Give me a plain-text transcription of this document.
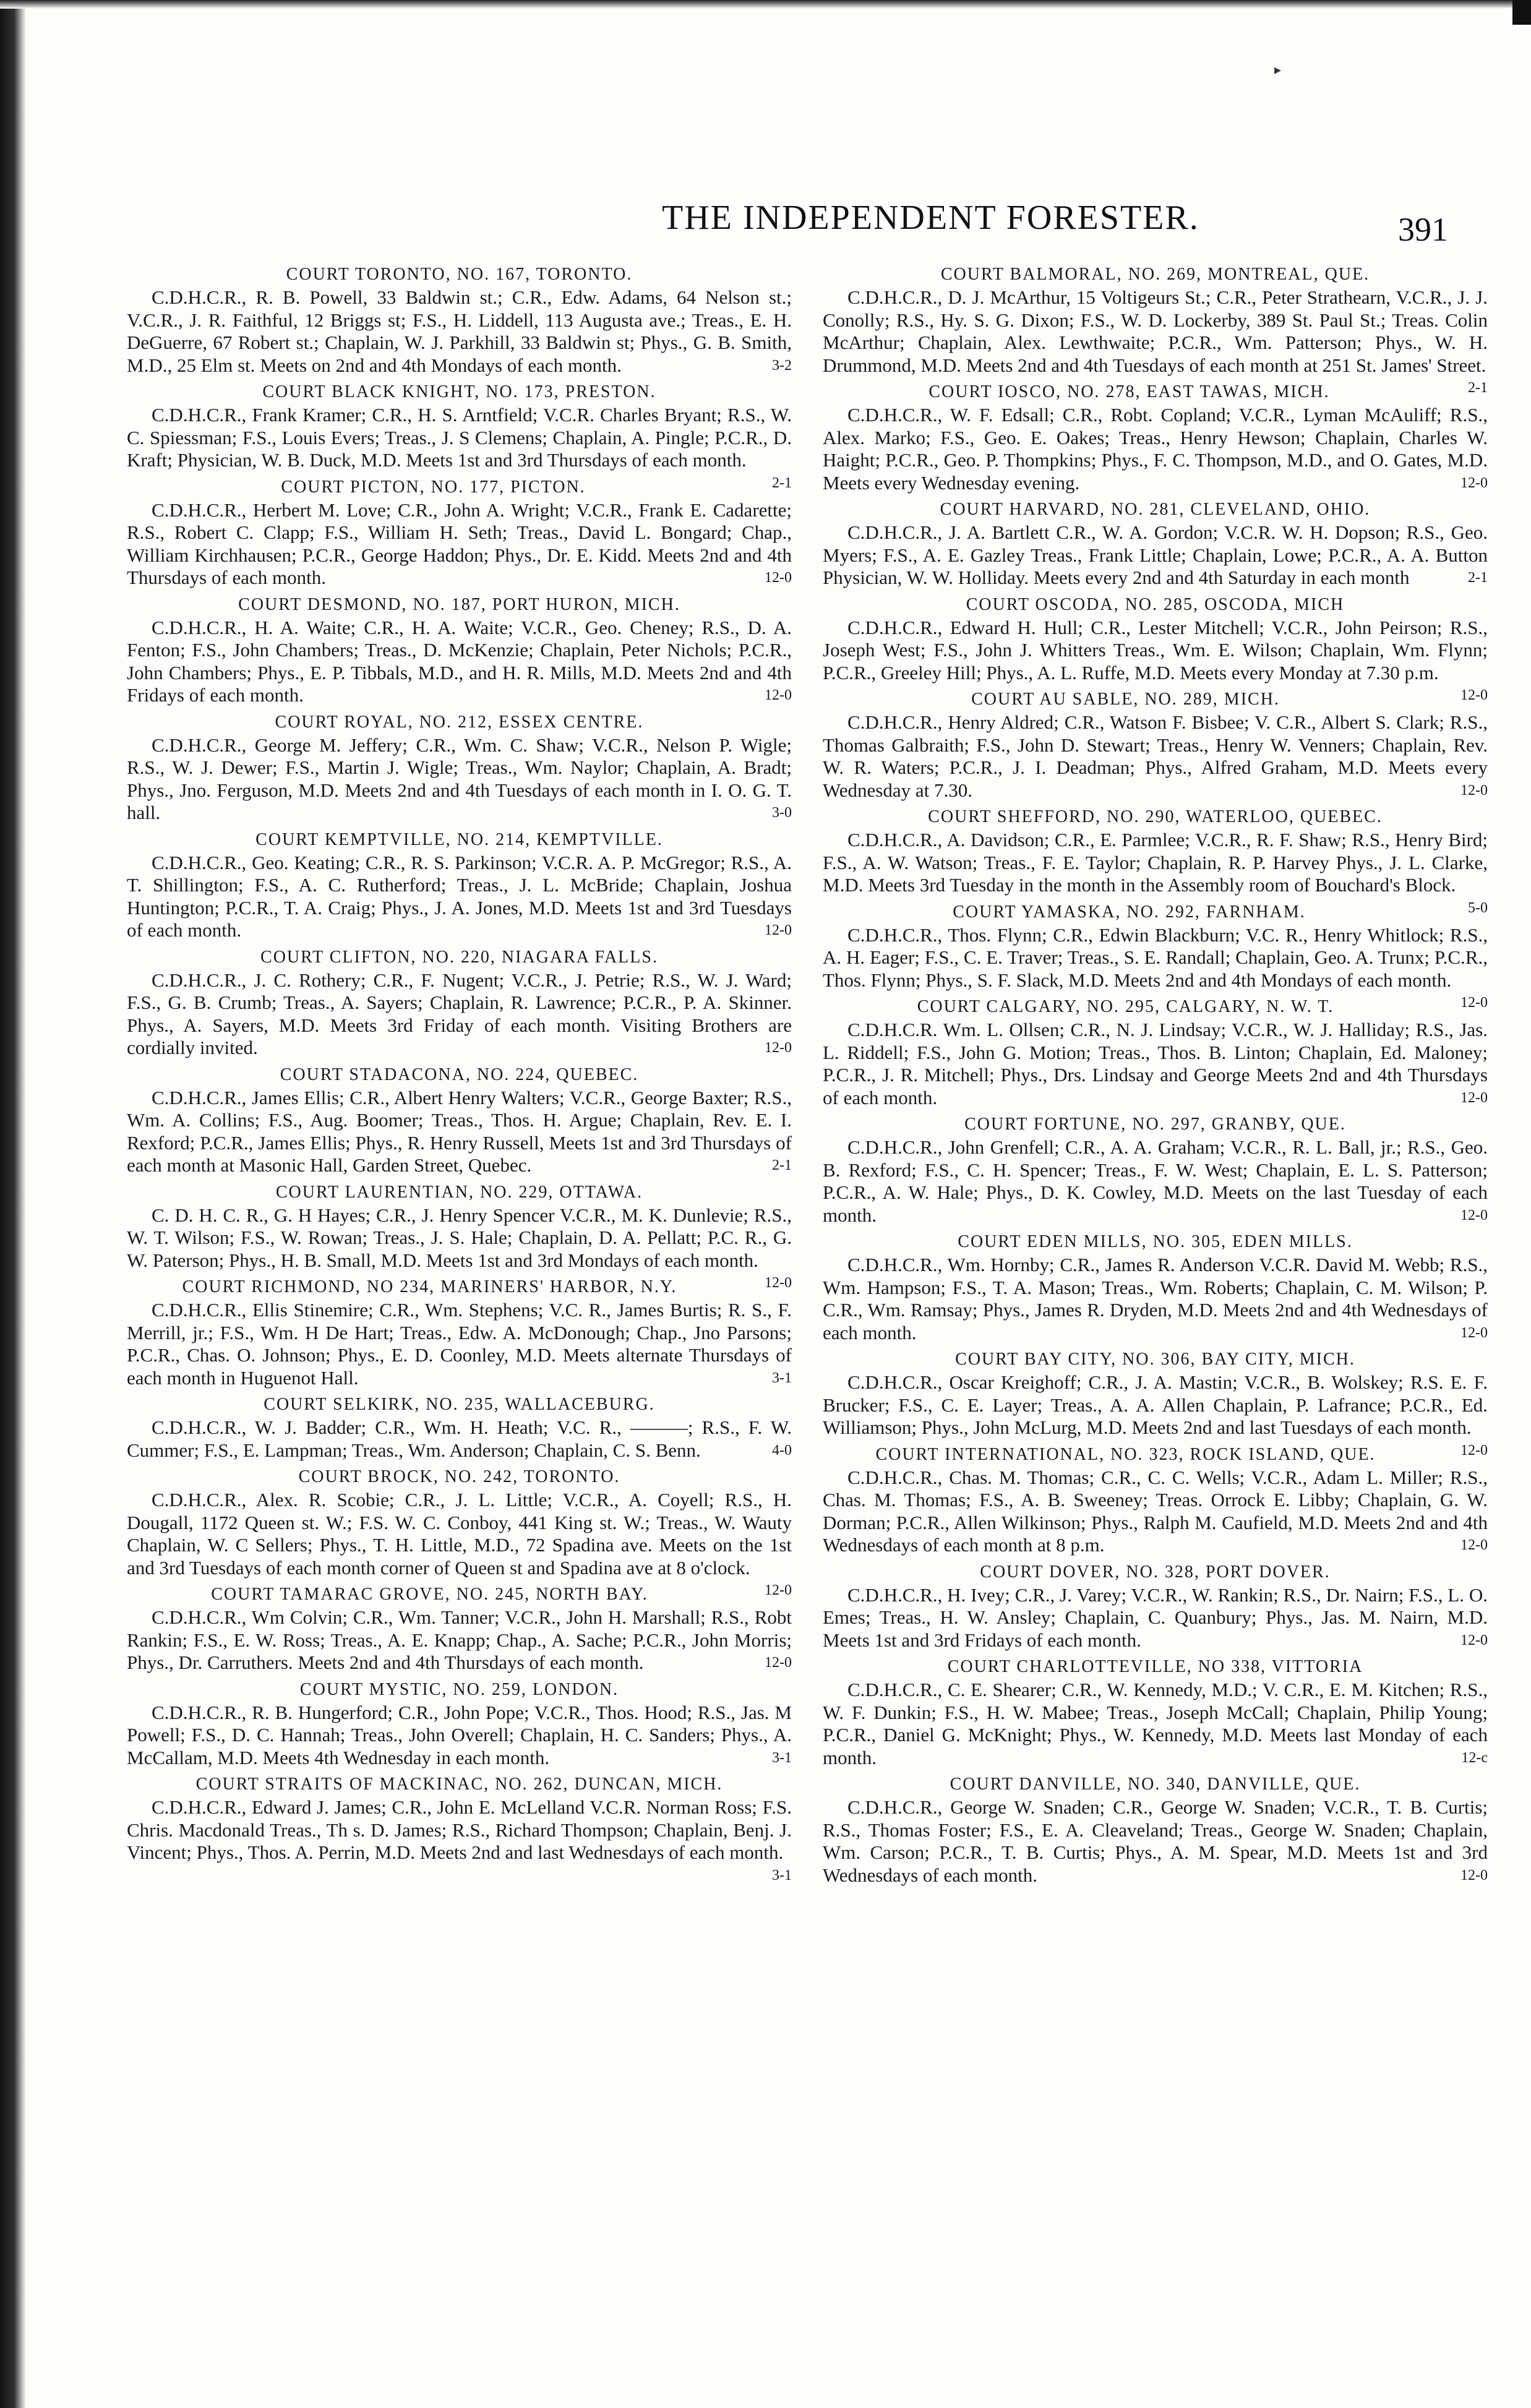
▸
THE INDEPENDENT FORESTER.	391
COURT TORONTO, NO. 167, TORONTO.
C.D.H.C.R., R. B. Powell, 33 Baldwin st.; C.R., Edw. Adams, 64 Nelson st.; V.C.R., J. R. Faithful, 12 Briggs st; F.S., H. Liddell, 113 Augusta ave.; Treas., E. H. DeGuerre, 67 Robert st.; Chaplain, W. J. Parkhill, 33 Baldwin st; Phys., G. B. Smith, M.D., 25 Elm st. Meets on 2nd and 4th Mondays of each month.	3-2
COURT BLACK KNIGHT, NO. 173, PRESTON.
C.D.H.C.R., Frank Kramer; C.R., H. S. Arntfield; V.C.R. Charles Bryant; R.S., W. C. Spiessman; F.S., Louis Evers; Treas., J. S Clemens; Chaplain, A. Pingle; P.C.R., D. Kraft; Physician, W. B. Duck, M.D. Meets 1st and 3rd Thursdays of each month.
2-1
COURT PICTON, NO. 177, PICTON.
C.D.H.C.R., Herbert M. Love; C.R., John A. Wright; V.C.R., Frank E. Cadarette; R.S., Robert C. Clapp; F.S., William H. Seth; Treas., David L. Bongard; Chap., William Kirchhausen; P.C.R., George Haddon; Phys., Dr. E. Kidd. Meets 2nd and 4th Thursdays of each month.	12-0
COURT DESMOND, NO. 187, PORT HURON, MICH.
C.D.H.C.R., H. A. Waite; C.R., H. A. Waite; V.C.R., Geo. Cheney; R.S., D. A. Fenton; F.S., John Chambers; Treas., D. McKenzie; Chaplain, Peter Nichols; P.C.R., John Chambers; Phys., E. P. Tibbals, M.D., and H. R. Mills, M.D. Meets 2nd and 4th Fridays of each month.	12-0
COURT ROYAL, NO. 212, ESSEX CENTRE.
C.D.H.C.R., George M. Jeffery; C.R., Wm. C. Shaw; V.C.R., Nelson P. Wigle; R.S., W. J. Dewer; F.S., Martin J. Wigle; Treas., Wm. Naylor; Chaplain, A. Bradt; Phys., Jno. Ferguson, M.D. Meets 2nd and 4th Tuesdays of each month in I. O. G. T. hall.	3-0
COURT KEMPTVILLE, NO. 214, KEMPTVILLE.
C.D.H.C.R., Geo. Keating; C.R., R. S. Parkinson; V.C.R. A. P. McGregor; R.S., A. T. Shillington; F.S., A. C. Rutherford; Treas., J. L. McBride; Chaplain, Joshua Huntington; P.C.R., T. A. Craig; Phys., J. A. Jones, M.D. Meets 1st and 3rd Tuesdays of each month.	12-0
COURT CLIFTON, NO. 220, NIAGARA FALLS.
C.D.H.C.R., J. C. Rothery; C.R., F. Nugent; V.C.R., J. Petrie; R.S., W. J. Ward; F.S., G. B. Crumb; Treas., A. Sayers; Chaplain, R. Lawrence; P.C.R., P. A. Skinner. Phys., A. Sayers, M.D. Meets 3rd Friday of each month. Visiting Brothers are cordially invited.	12-0
COURT STADACONA, NO. 224, QUEBEC.
C.D.H.C.R., James Ellis; C.R., Albert Henry Walters; V.C.R., George Baxter; R.S., Wm. A. Collins; F.S., Aug. Boomer; Treas., Thos. H. Argue; Chaplain, Rev. E. I. Rexford; P.C.R., James Ellis; Phys., R. Henry Russell, Meets 1st and 3rd Thursdays of each month at Masonic Hall, Garden Street, Quebec.	2-1
COURT LAURENTIAN, NO. 229, OTTAWA.
C. D. H. C. R., G. H Hayes; C.R., J. Henry Spencer V.C.R., M. K. Dunlevie; R.S., W. T. Wilson; F.S., W. Rowan; Treas., J. S. Hale; Chaplain, D. A. Pellatt; P.C. R., G. W. Paterson; Phys., H. B. Small, M.D. Meets 1st and 3rd Mondays of each month.
12-0
COURT RICHMOND, NO 234, MARINERS' HARBOR, N.Y.
C.D.H.C.R., Ellis Stinemire; C.R., Wm. Stephens; V.C. R., James Burtis; R. S., F. Merrill, jr.; F.S., Wm. H De Hart; Treas., Edw. A. McDonough; Chap., Jno Parsons; P.C.R., Chas. O. Johnson; Phys., E. D. Coonley, M.D. Meets alternate Thursdays of each month in Huguenot Hall.	3-1
COURT SELKIRK, NO. 235, WALLACEBURG.
C.D.H.C.R., W. J. Badder; C.R., Wm. H. Heath; V.C. R., ———; R.S., F. W. Cummer; F.S., E. Lampman; Treas., Wm. Anderson; Chaplain, C. S. Benn.	4-0
COURT BROCK, NO. 242, TORONTO.
C.D.H.C.R., Alex. R. Scobie; C.R., J. L. Little; V.C.R., A. Coyell; R.S., H. Dougall, 1172 Queen st. W.; F.S. W. C. Conboy, 441 King st. W.; Treas., W. Wauty Chaplain, W. C Sellers; Phys., T. H. Little, M.D., 72 Spadina ave. Meets on the 1st and 3rd Tuesdays of each month corner of Queen st and Spadina ave at 8 o'clock.
12-0
COURT TAMARAC GROVE, NO. 245, NORTH BAY.
C.D.H.C.R., Wm Colvin; C.R., Wm. Tanner; V.C.R., John H. Marshall; R.S., Robt Rankin; F.S., E. W. Ross; Treas., A. E. Knapp; Chap., A. Sache; P.C.R., John Morris; Phys., Dr. Carruthers. Meets 2nd and 4th Thursdays of each month.	12-0
COURT MYSTIC, NO. 259, LONDON.
C.D.H.C.R., R. B. Hungerford; C.R., John Pope; V.C.R., Thos. Hood; R.S., Jas. M Powell; F.S., D. C. Hannah; Treas., John Overell; Chaplain, H. C. Sanders; Phys., A. McCallam, M.D. Meets 4th Wednesday in each month.	3-1
COURT STRAITS OF MACKINAC, NO. 262, DUNCAN, MICH.
C.D.H.C.R., Edward J. James; C.R., John E. McLelland V.C.R. Norman Ross; F.S. Chris. Macdonald Treas., Th s. D. James; R.S., Richard Thompson; Chaplain, Benj. J. Vincent; Phys., Thos. A. Perrin, M.D. Meets 2nd and last Wednesdays of each month.
3-1
COURT BALMORAL, NO. 269, MONTREAL, QUE.
C.D.H.C.R., D. J. McArthur, 15 Voltigeurs St.; C.R., Peter Strathearn, V.C.R., J. J. Conolly; R.S., Hy. S. G. Dixon; F.S., W. D. Lockerby, 389 St. Paul St.; Treas. Colin McArthur; Chaplain, Alex. Lewthwaite; P.C.R., Wm. Patterson; Phys., W. H. Drummond, M.D. Meets 2nd and 4th Tuesdays of each month at 251 St. James' Street.
2-1
COURT IOSCO, NO. 278, EAST TAWAS, MICH.
C.D.H.C.R., W. F. Edsall; C.R., Robt. Copland; V.C.R., Lyman McAuliff; R.S., Alex. Marko; F.S., Geo. E. Oakes; Treas., Henry Hewson; Chaplain, Charles W. Haight; P.C.R., Geo. P. Thompkins; Phys., F. C. Thompson, M.D., and O. Gates, M.D. Meets every Wednesday evening.	12-0
COURT HARVARD, NO. 281, CLEVELAND, OHIO.
C.D.H.C.R., J. A. Bartlett C.R., W. A. Gordon; V.C.R. W. H. Dopson; R.S., Geo. Myers; F.S., A. E. Gazley Treas., Frank Little; Chaplain, Lowe; P.C.R., A. A. Button Physician, W. W. Holliday. Meets every 2nd and 4th Saturday in each month	2-1
COURT OSCODA, NO. 285, OSCODA, MICH
C.D.H.C.R., Edward H. Hull; C.R., Lester Mitchell; V.C.R., John Peirson; R.S., Joseph West; F.S., John J. Whitters Treas., Wm. E. Wilson; Chaplain, Wm. Flynn; P.C.R., Greeley Hill; Phys., A. L. Ruffe, M.D. Meets every Monday at 7.30 p.m.
12-0
COURT AU SABLE, NO. 289, MICH.
C.D.H.C.R., Henry Aldred; C.R., Watson F. Bisbee; V. C.R., Albert S. Clark; R.S., Thomas Galbraith; F.S., John D. Stewart; Treas., Henry W. Venners; Chaplain, Rev. W. R. Waters; P.C.R., J. I. Deadman; Phys., Alfred Graham, M.D. Meets every Wednesday at 7.30.	12-0
COURT SHEFFORD, NO. 290, WATERLOO, QUEBEC.
C.D.H.C.R., A. Davidson; C.R., E. Parmlee; V.C.R., R. F. Shaw; R.S., Henry Bird; F.S., A. W. Watson; Treas., F. E. Taylor; Chaplain, R. P. Harvey Phys., J. L. Clarke, M.D. Meets 3rd Tuesday in the month in the Assembly room of Bouchard's Block.
5-0
COURT YAMASKA, NO. 292, FARNHAM.
C.D.H.C.R., Thos. Flynn; C.R., Edwin Blackburn; V.C. R., Henry Whitlock; R.S., A. H. Eager; F.S., C. E. Traver; Treas., S. E. Randall; Chaplain, Geo. A. Trunx; P.C.R., Thos. Flynn; Phys., S. F. Slack, M.D. Meets 2nd and 4th Mondays of each month.
12-0
COURT CALGARY, NO. 295, CALGARY, N. W. T.
C.D.H.C.R. Wm. L. Ollsen; C.R., N. J. Lindsay; V.C.R., W. J. Halliday; R.S., Jas. L. Riddell; F.S., John G. Motion; Treas., Thos. B. Linton; Chaplain, Ed. Maloney; P.C.R., J. R. Mitchell; Phys., Drs. Lindsay and George Meets 2nd and 4th Thursdays of each month.	12-0
COURT FORTUNE, NO. 297, GRANBY, QUE.
C.D.H.C.R., John Grenfell; C.R., A. A. Graham; V.C.R., R. L. Ball, jr.; R.S., Geo. B. Rexford; F.S., C. H. Spencer; Treas., F. W. West; Chaplain, E. L. S. Patterson; P.C.R., A. W. Hale; Phys., D. K. Cowley, M.D. Meets on the last Tuesday of each month.	12-0
COURT EDEN MILLS, NO. 305, EDEN MILLS.
C.D.H.C.R., Wm. Hornby; C.R., James R. Anderson V.C.R. David M. Webb; R.S., Wm. Hampson; F.S., T. A. Mason; Treas., Wm. Roberts; Chaplain, C. M. Wilson; P. C.R., Wm. Ramsay; Phys., James R. Dryden, M.D. Meets 2nd and 4th Wednesdays of each month.	12-0
COURT BAY CITY, NO. 306, BAY CITY, MICH.
C.D.H.C.R., Oscar Kreighoff; C.R., J. A. Mastin; V.C.R., B. Wolskey; R.S. E. F. Brucker; F.S., C. E. Layer; Treas., A. A. Allen Chaplain, P. Lafrance; P.C.R., Ed. Williamson; Phys., John McLurg, M.D. Meets 2nd and last Tuesdays of each month.
12-0
COURT INTERNATIONAL, NO. 323, ROCK ISLAND, QUE.
C.D.H.C.R., Chas. M. Thomas; C.R., C. C. Wells; V.C.R., Adam L. Miller; R.S., Chas. M. Thomas; F.S., A. B. Sweeney; Treas. Orrock E. Libby; Chaplain, G. W. Dorman; P.C.R., Allen Wilkinson; Phys., Ralph M. Caufield, M.D. Meets 2nd and 4th Wednesdays of each month at 8 p.m.	12-0
COURT DOVER, NO. 328, PORT DOVER.
C.D.H.C.R., H. Ivey; C.R., J. Varey; V.C.R., W. Rankin; R.S., Dr. Nairn; F.S., L. O. Emes; Treas., H. W. Ansley; Chaplain, C. Quanbury; Phys., Jas. M. Nairn, M.D. Meets 1st and 3rd Fridays of each month.	12-0
COURT CHARLOTTEVILLE, NO 338, VITTORIA
C.D.H.C.R., C. E. Shearer; C.R., W. Kennedy, M.D.; V. C.R., E. M. Kitchen; R.S., W. F. Dunkin; F.S., H. W. Mabee; Treas., Joseph McCall; Chaplain, Philip Young; P.C.R., Daniel G. McKnight; Phys., W. Kennedy, M.D. Meets last Monday of each month.	12-c
COURT DANVILLE, NO. 340, DANVILLE, QUE.
C.D.H.C.R., George W. Snaden; C.R., George W. Snaden; V.C.R., T. B. Curtis; R.S., Thomas Foster; F.S., E. A. Cleaveland; Treas., George W. Snaden; Chaplain, Wm. Carson; P.C.R., T. B. Curtis; Phys., A. M. Spear, M.D. Meets 1st and 3rd Wednesdays of each month.	12-0
